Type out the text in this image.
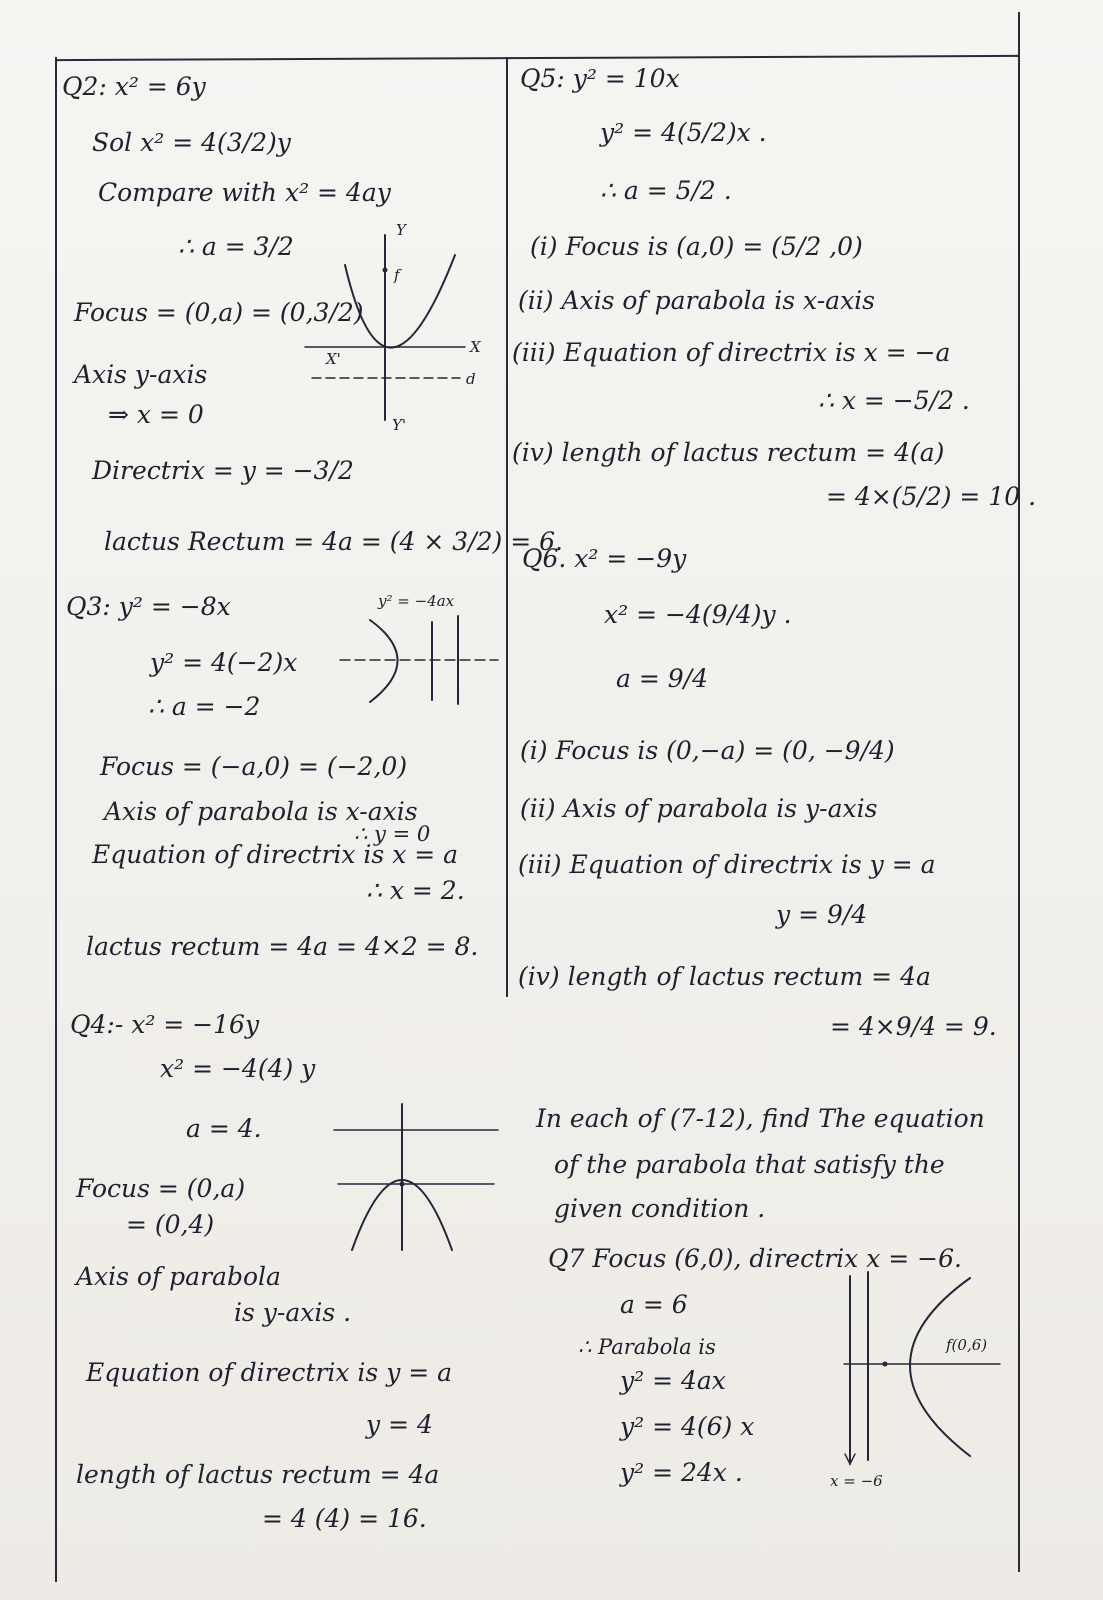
Q2: x² = 6y
Sol x² = 4(3/2)y
Compare with x² = 4ay
∴ a = 3/2
Focus = (0,a) = (0,3/2)
Axis y-axis
⇒ x = 0
Directrix = y = −3/2
lactus Rectum = 4a = (4 × 3/2) = 6.
Y
f
X
X'
Y'
d
Q3: y² = −8x
y² = 4(−2)x
∴ a = −2
Focus = (−a,0) = (−2,0)
Axis of parabola is x-axis
∴ y = 0
Equation of directrix is x = a
∴ x = 2.
lactus rectum = 4a = 4×2 = 8.
y² = −4ax
Q4:- x² = −16y
x² = −4(4) y
a = 4.
Focus = (0,a)
= (0,4)
Axis of parabola
is y-axis .
Equation of directrix is y = a
y = 4
length of lactus rectum = 4a
= 4 (4) = 16.
Q5: y² = 10x
y² = 4(5/2)x .
∴ a = 5/2 .
(i) Focus is (a,0) = (5/2 ,0)
(ii) Axis of parabola is x-axis
(iii) Equation of directrix is x = −a
∴ x = −5/2 .
(iv) length of lactus rectum = 4(a)
= 4×(5/2) = 10 .
Q6. x² = −9y
x² = −4(9/4)y .
a = 9/4
(i) Focus is (0,−a) = (0, −9/4)
(ii) Axis of parabola is y-axis
(iii) Equation of directrix is y = a
y = 9/4
(iv) length of lactus rectum = 4a
= 4×9/4 = 9.
In each of (7-12), find The equation
of the parabola that satisfy the
given condition .
Q7 Focus (6,0), directrix x = −6.
a = 6
∴ Parabola is
y² = 4ax
y² = 4(6) x
y² = 24x .
f(0,6)
x = −6
